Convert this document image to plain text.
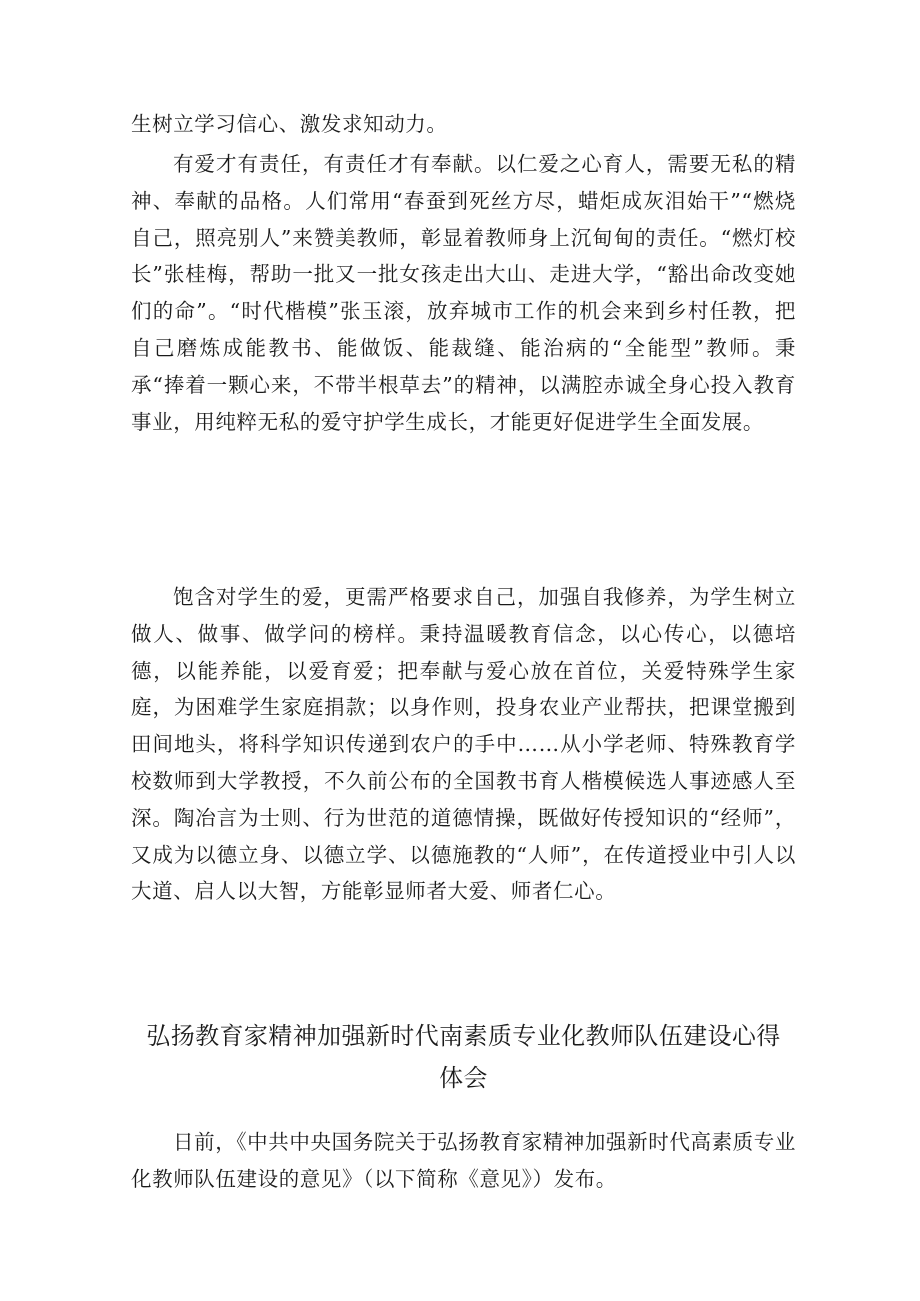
生树立学习信心、激发求知动力。

有爱才有责任，有责任才有奉献。以仁爱之心育人，需要无私的精神、奉献的品格。人们常用“春蚕到死丝方尽，蜡炬成灰泪始干”“燃烧自己，照亮别人”来赞美教师，彰显着教师身上沉甸甸的责任。“燃灯校长”张桂梅，帮助一批又一批女孩走出大山、走进大学，“豁出命改变她们的命”。“时代楷模”张玉滚，放弃城市工作的机会来到乡村任教，把自己磨炼成能教书、能做饭、能裁缝、能治病的“全能型”教师。秉承“捧着一颗心来，不带半根草去”的精神，以满腔赤诚全身心投入教育事业，用纯粹无私的爱守护学生成长，才能更好促进学生全面发展。

饱含对学生的爱，更需严格要求自己，加强自我修养，为学生树立做人、做事、做学问的榜样。秉持温暖教育信念，以心传心，以德培德，以能养能，以爱育爱；把奉献与爱心放在首位，关爱特殊学生家庭，为困难学生家庭捐款；以身作则，投身农业产业帮扶，把课堂搬到田间地头，将科学知识传递到农户的手中……从小学老师、特殊教育学校数师到大学教授，不久前公布的全国教书育人楷模候选人事迹感人至深。陶冶言为士则、行为世范的道德情操，既做好传授知识的“经师”，又成为以德立身、以德立学、以德施教的“人师”，在传道授业中引人以大道、启人以大智，方能彰显师者大爱、师者仁心。

弘扬教育家精神加强新时代南素质专业化教师队伍建设心得
体会

日前，《中共中央国务院关于弘扬教育家精神加强新时代高素质专业化教师队伍建设的意见》（以下简称《意见》）发布。
